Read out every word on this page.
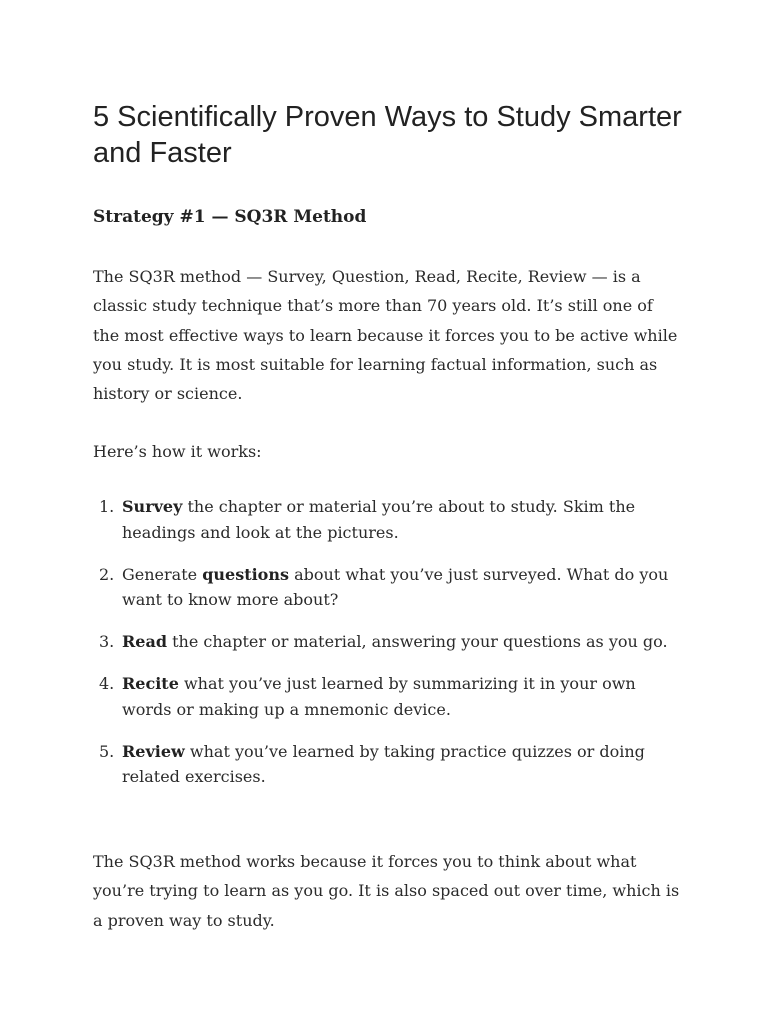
5 Scientifically Proven Ways to Study Smarter and Faster
Strategy #1 — SQ3R Method

The SQ3R method — Survey, Question, Read, Recite, Review — is a classic study technique that’s more than 70 years old. It’s still one of the most effective ways to learn because it forces you to be active while you study. It is most suitable for learning factual information, such as history or science.

Here’s how it works:

1. Survey the chapter or material you’re about to study. Skim the headings and look at the pictures.
2. Generate questions about what you’ve just surveyed. What do you want to know more about?
3. Read the chapter or material, answering your questions as you go.
4. Recite what you’ve just learned by summarizing it in your own words or making up a mnemonic device.
5. Review what you’ve learned by taking practice quizzes or doing related exercises.

The SQ3R method works because it forces you to think about what you’re trying to learn as you go. It is also spaced out over time, which is a proven way to study.
